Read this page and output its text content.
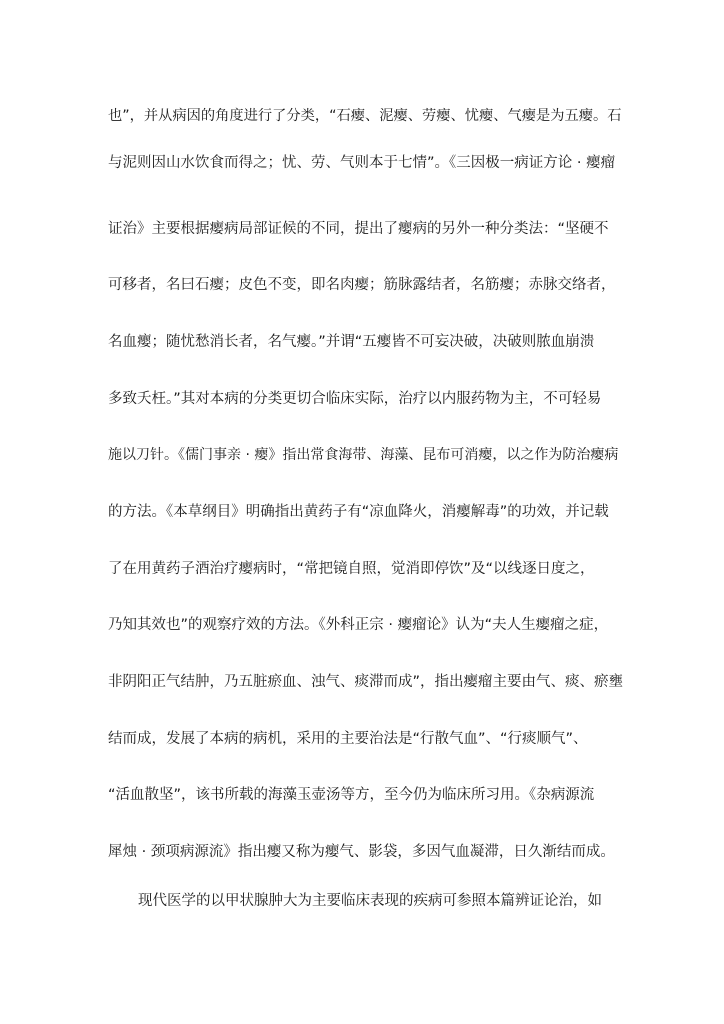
也”，并从病因的角度进行了分类，“石瘿、泥瘿、劳瘿、忧瘿、气瘿是为五瘿。石
与泥则因山水饮食而得之；忧、劳、气则本于七情”。《三因极一病证方论 · 瘿瘤
证治》主要根据瘿病局部证候的不同，提出了瘿病的另外一种分类法：“坚硬不
可移者，名曰石瘿；皮色不变，即名肉瘿；筋脉露结者，名筋瘿；赤脉交络者，
名血瘿；随忧愁消长者，名气瘿。”并谓“五瘿皆不可妄决破，决破则脓血崩溃
多致夭枉。”其对本病的分类更切合临床实际，治疗以内服药物为主，不可轻易
施以刀针。《儒门事亲 · 瘿》指出常食海带、海藻、昆布可消瘿，以之作为防治瘿病
的方法。《本草纲目》明确指出黄药子有“凉血降火，消瘿解毒”的功效，并记载
了在用黄药子酒治疗瘿病时，“常把镜自照，觉消即停饮”及“以线逐日度之，
乃知其效也”的观察疗效的方法。《外科正宗 · 瘿瘤论》认为“夫人生瘿瘤之症，
非阴阳正气结肿，乃五脏瘀血、浊气、痰滞而成”，指出瘿瘤主要由气、痰、瘀壅
结而成，发展了本病的病机，采用的主要治法是“行散气血”、“行痰顺气”、
“活血散坚”，该书所载的海藻玉壶汤等方，至今仍为临床所习用。《杂病源流
犀烛 · 颈项病源流》指出瘿又称为瘿气、影袋，多因气血凝滞，日久渐结而成。
现代医学的以甲状腺肿大为主要临床表现的疾病可参照本篇辨证论治，如
